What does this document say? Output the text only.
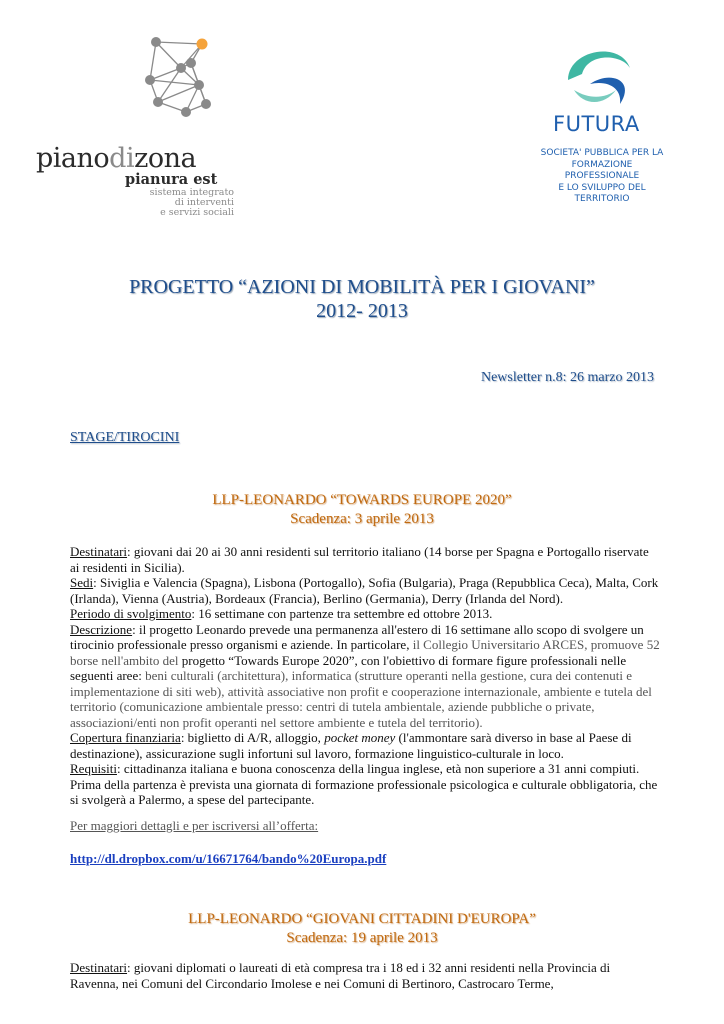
pianodizona
pianura est
sistema integrato
di interventi
e servizi sociali
FUTURA
SOCIETA' PUBBLICA PER LA
FORMAZIONE PROFESSIONALE
E LO SVILUPPO DEL TERRITORIO
PROGETTO “AZIONI DI MOBILITÀ PER I GIOVANI”
2012- 2013
Newsletter n.8: 26 marzo 2013
STAGE/TIROCINI
LLP-LEONARDO “TOWARDS EUROPE 2020”
Scadenza: 3 aprile 2013

Destinatari: giovani dai 20 ai 30 anni residenti sul territorio italiano (14 borse per Spagna e Portogallo riservate ai residenti in Sicilia).

Sedi: Siviglia e Valencia (Spagna), Lisbona (Portogallo), Sofia (Bulgaria), Praga (Repubblica Ceca), Malta, Cork (Irlanda), Vienna (Austria), Bordeaux (Francia), Berlino (Germania), Derry (Irlanda del Nord).

Periodo di svolgimento: 16 settimane con partenze tra settembre ed ottobre 2013.

Descrizione: il progetto Leonardo prevede una permanenza all'estero di 16 settimane allo scopo di svolgere un tirocinio professionale presso organismi e aziende. In particolare, il Collegio Universitario ARCES, promuove 52 borse nell'ambito del progetto “Towards Europe 2020”, con l'obiettivo di formare figure professionali nelle seguenti aree: beni culturali (architettura), informatica (strutture operanti nella gestione, cura dei contenuti e implementazione di siti web), attività associative non profit e cooperazione internazionale, ambiente e tutela del territorio (comunicazione ambientale presso: centri di tutela ambientale, aziende pubbliche o private, associazioni/enti non profit operanti nel settore ambiente e tutela del territorio).

Copertura finanziaria: biglietto di A/R, alloggio, pocket money (l'ammontare sarà diverso in base al Paese di destinazione), assicurazione sugli infortuni sul lavoro, formazione linguistico-culturale in loco.

Requisiti: cittadinanza italiana e buona conoscenza della lingua inglese, età non superiore a 31 anni compiuti. Prima della partenza è prevista una giornata di formazione professionale psicologica e culturale obbligatoria, che si svolgerà a Palermo, a spese del partecipante.

Per maggiori dettagli e per iscriversi all’offerta:

http://dl.dropbox.com/u/16671764/bando%20Europa.pdf
LLP-LEONARDO “GIOVANI CITTADINI D'EUROPA”
Scadenza: 19 aprile 2013

Destinatari: giovani diplomati o laureati di età compresa tra i 18 ed i 32 anni residenti nella Provincia di Ravenna, nei Comuni del Circondario Imolese e nei Comuni di Bertinoro, Castrocaro Terme,
